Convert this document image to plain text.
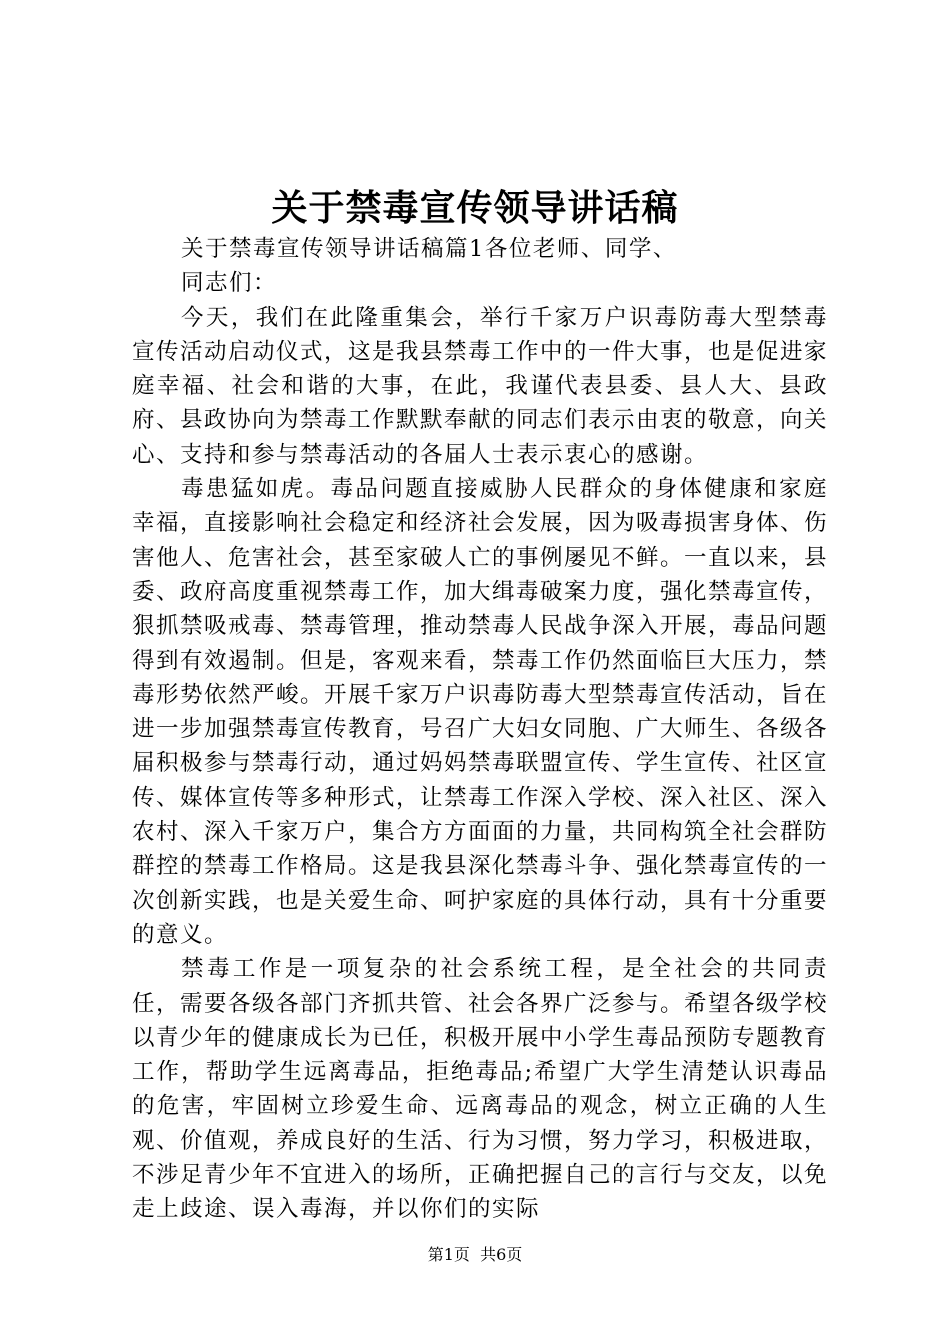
关于禁毒宣传领导讲话稿

关于禁毒宣传领导讲话稿篇1各位老师、同学、

同志们：

今天，我们在此隆重集会，举行千家万户识毒防毒大型禁毒宣传活动启动仪式，这是我县禁毒工作中的一件大事，也是促进家庭幸福、社会和谐的大事，在此，我谨代表县委、县人大、县政府、县政协向为禁毒工作默默奉献的同志们表示由衷的敬意，向关心、支持和参与禁毒活动的各届人士表示衷心的感谢。

毒患猛如虎。毒品问题直接威胁人民群众的身体健康和家庭幸福，直接影响社会稳定和经济社会发展，因为吸毒损害身体、伤害他人、危害社会，甚至家破人亡的事例屡见不鲜。一直以来，县委、政府高度重视禁毒工作，加大缉毒破案力度，强化禁毒宣传，狠抓禁吸戒毒、禁毒管理，推动禁毒人民战争深入开展，毒品问题得到有效遏制。但是，客观来看，禁毒工作仍然面临巨大压力，禁毒形势依然严峻。开展千家万户识毒防毒大型禁毒宣传活动，旨在进一步加强禁毒宣传教育，号召广大妇女同胞、广大师生、各级各届积极参与禁毒行动，通过妈妈禁毒联盟宣传、学生宣传、社区宣传、媒体宣传等多种形式，让禁毒工作深入学校、深入社区、深入农村、深入千家万户，集合方方面面的力量，共同构筑全社会群防群控的禁毒工作格局。这是我县深化禁毒斗争、强化禁毒宣传的一次创新实践，也是关爱生命、呵护家庭的具体行动，具有十分重要的意义。

禁毒工作是一项复杂的社会系统工程，是全社会的共同责任，需要各级各部门齐抓共管、社会各界广泛参与。希望各级学校以青少年的健康成长为已任，积极开展中小学生毒品预防专题教育工作，帮助学生远离毒品，拒绝毒品;希望广大学生清楚认识毒品的危害，牢固树立珍爱生命、远离毒品的观念，树立正确的人生观、价值观，养成良好的生活、行为习惯，努力学习，积极进取，不涉足青少年不宜进入的场所，正确把握自己的言行与交友，以免走上歧途、误入毒海，并以你们的实际

第1页  共6页
